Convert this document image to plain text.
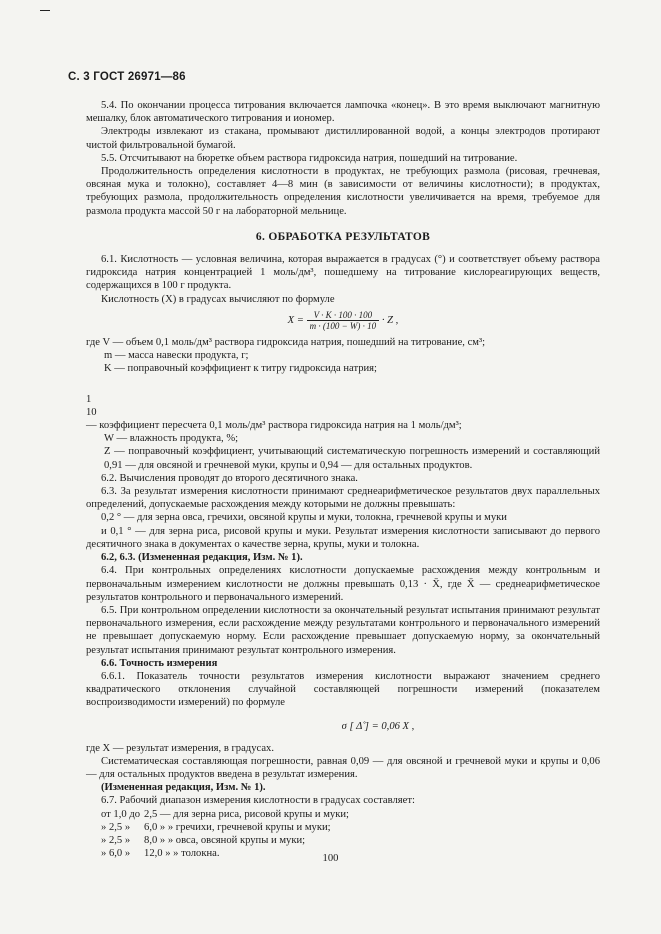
С. 3 ГОСТ 26971—86

5.4. По окончании процесса титрования включается лампочка «конец». В это время выключают магнитную мешалку, блок автоматического титрования и иономер.

Электроды извлекают из стакана, промывают дистиллированной водой, а концы электродов протирают чистой фильтровальной бумагой.

5.5. Отсчитывают на бюретке объем раствора гидроксида натрия, пошедший на титрование.

Продолжительность определения кислотности в продуктах, не требующих размола (рисовая, гречневая, овсяная мука и толокно), составляет 4—8 мин (в зависимости от величины кислотности); в продуктах, требующих размола, продолжительность определения кислотности увеличивается на время, требуемое для размола продукта массой 50 г на лабораторной мельнице.

6. ОБРАБОТКА РЕЗУЛЬТАТОВ

6.1. Кислотность — условная величина, которая выражается в градусах (°) и соответствует объему раствора гидроксида натрия концентрацией 1 моль/дм³, пошедшему на титрование кислореагирующих веществ, содержащихся в 100 г продукта.

Кислотность (X) в градусах вычисляют по формуле

$X = \frac{V \cdot K \cdot 100 \cdot 100}{m \cdot (100 - W) \cdot 10} \cdot Z$ ,

где V — объем 0,1 моль/дм³ раствора гидроксида натрия, пошедший на титрование, см³;

m — масса навески продукта, г;

K — поправочный коэффициент к титру гидроксида натрия;

1
10
— коэффициент пересчета 0,1 моль/дм³ раствора гидроксида натрия на 1 моль/дм³;

W — влажность продукта, %;

Z — поправочный коэффициент, учитывающий систематическую погрешность измерений и составляющий 0,91 — для овсяной и гречневой муки, крупы и 0,94 — для остальных продуктов.

6.2. Вычисления проводят до второго десятичного знака.

6.3. За результат измерения кислотности принимают среднеарифметическое результатов двух параллельных определений, допускаемые расхождения между которыми не должны превышать:

0,2 ° — для зерна овса, гречихи, овсяной крупы и муки, толокна, гречневой крупы и муки

и 0,1 ° — для зерна риса, рисовой крупы и муки. Результат измерения кислотности записывают до первого десятичного знака в документах о качестве зерна, крупы, муки и толокна.

6.2, 6.3. (Измененная редакция, Изм. № 1).

6.4. При контрольных определениях кислотности допускаемые расхождения между контрольным и первоначальным измерением кислотности не должны превышать 0,13 · X̄, где X̄ — среднеарифметическое результатов контрольного и первоначального измерений.

6.5. При контрольном определении кислотности за окончательный результат испытания принимают результат первоначального измерения, если расхождение между результатами контрольного и первоначального измерений не превышает допускаемую норму. Если расхождение превышает допускаемую норму, за окончательный результат испытания принимают результат контрольного измерения.

6.6. Точность измерения

6.6.1. Показатель точности результатов измерения кислотности выражают значением среднего квадратического отклонения случайной составляющей погрешности измерений (показателем воспроизводимости измерений) по формуле

σ [ Δ̊ ] = 0,06 X ,

где X — результат измерения, в градусах.

Систематическая составляющая погрешности, равная 0,09 — для овсяной и гречневой муки и крупы и 0,06 — для остальных продуктов введена в результат измерения.

(Измененная редакция, Изм. № 1).

6.7. Рабочий диапазон измерения кислотности в градусах составляет:

от 1,0 до	2,5 — для зерна риса, рисовой крупы и муки;
» 2,5 »	6,0 » » гречихи, гречневой крупы и муки;
» 2,5 »	8,0 » » овса, овсяной крупы и муки;
» 6,0 »	12,0 » » толокна.	100
